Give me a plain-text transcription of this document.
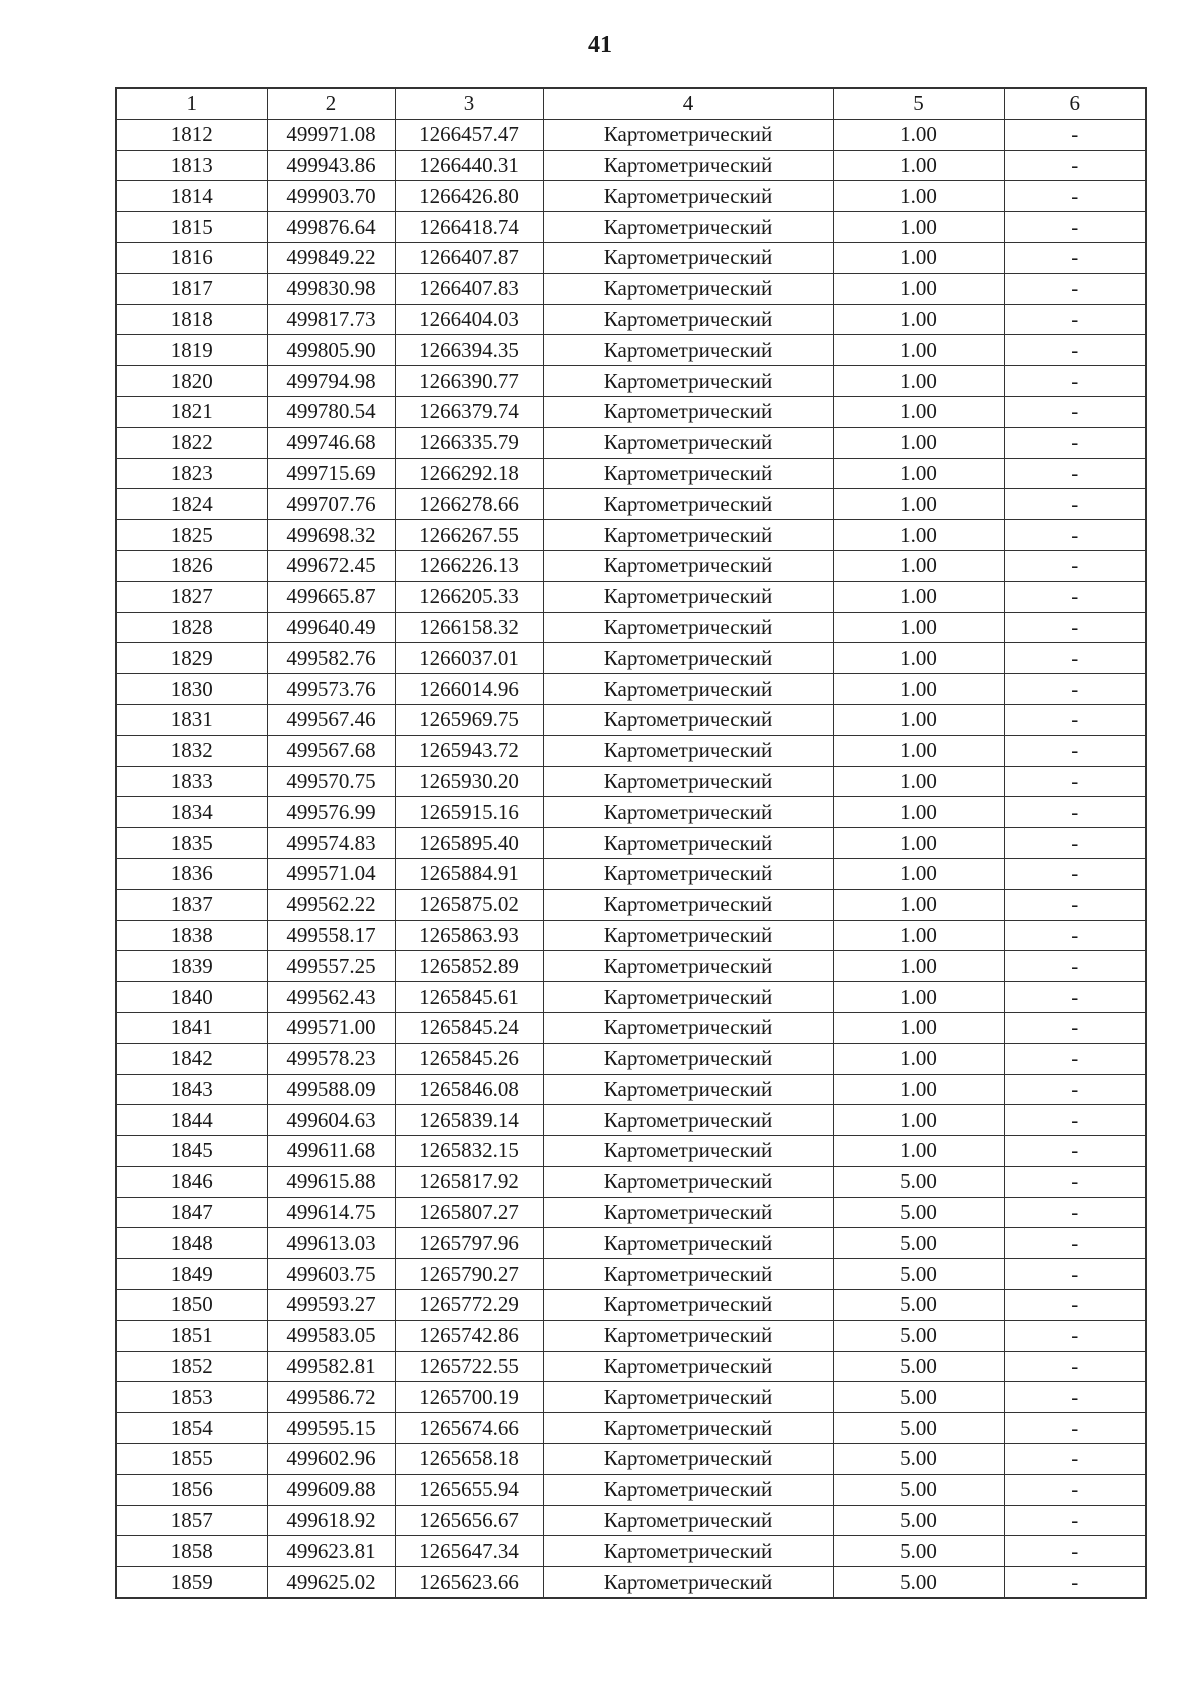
41
1	2	3	4	5	6
1812	499971.08	1266457.47	Картометрический	1.00	-
1813	499943.86	1266440.31	Картометрический	1.00	-
1814	499903.70	1266426.80	Картометрический	1.00	-
1815	499876.64	1266418.74	Картометрический	1.00	-
1816	499849.22	1266407.87	Картометрический	1.00	-
1817	499830.98	1266407.83	Картометрический	1.00	-
1818	499817.73	1266404.03	Картометрический	1.00	-
1819	499805.90	1266394.35	Картометрический	1.00	-
1820	499794.98	1266390.77	Картометрический	1.00	-
1821	499780.54	1266379.74	Картометрический	1.00	-
1822	499746.68	1266335.79	Картометрический	1.00	-
1823	499715.69	1266292.18	Картометрический	1.00	-
1824	499707.76	1266278.66	Картометрический	1.00	-
1825	499698.32	1266267.55	Картометрический	1.00	-
1826	499672.45	1266226.13	Картометрический	1.00	-
1827	499665.87	1266205.33	Картометрический	1.00	-
1828	499640.49	1266158.32	Картометрический	1.00	-
1829	499582.76	1266037.01	Картометрический	1.00	-
1830	499573.76	1266014.96	Картометрический	1.00	-
1831	499567.46	1265969.75	Картометрический	1.00	-
1832	499567.68	1265943.72	Картометрический	1.00	-
1833	499570.75	1265930.20	Картометрический	1.00	-
1834	499576.99	1265915.16	Картометрический	1.00	-
1835	499574.83	1265895.40	Картометрический	1.00	-
1836	499571.04	1265884.91	Картометрический	1.00	-
1837	499562.22	1265875.02	Картометрический	1.00	-
1838	499558.17	1265863.93	Картометрический	1.00	-
1839	499557.25	1265852.89	Картометрический	1.00	-
1840	499562.43	1265845.61	Картометрический	1.00	-
1841	499571.00	1265845.24	Картометрический	1.00	-
1842	499578.23	1265845.26	Картометрический	1.00	-
1843	499588.09	1265846.08	Картометрический	1.00	-
1844	499604.63	1265839.14	Картометрический	1.00	-
1845	499611.68	1265832.15	Картометрический	1.00	-
1846	499615.88	1265817.92	Картометрический	5.00	-
1847	499614.75	1265807.27	Картометрический	5.00	-
1848	499613.03	1265797.96	Картометрический	5.00	-
1849	499603.75	1265790.27	Картометрический	5.00	-
1850	499593.27	1265772.29	Картометрический	5.00	-
1851	499583.05	1265742.86	Картометрический	5.00	-
1852	499582.81	1265722.55	Картометрический	5.00	-
1853	499586.72	1265700.19	Картометрический	5.00	-
1854	499595.15	1265674.66	Картометрический	5.00	-
1855	499602.96	1265658.18	Картометрический	5.00	-
1856	499609.88	1265655.94	Картометрический	5.00	-
1857	499618.92	1265656.67	Картометрический	5.00	-
1858	499623.81	1265647.34	Картометрический	5.00	-
1859	499625.02	1265623.66	Картометрический	5.00	-
